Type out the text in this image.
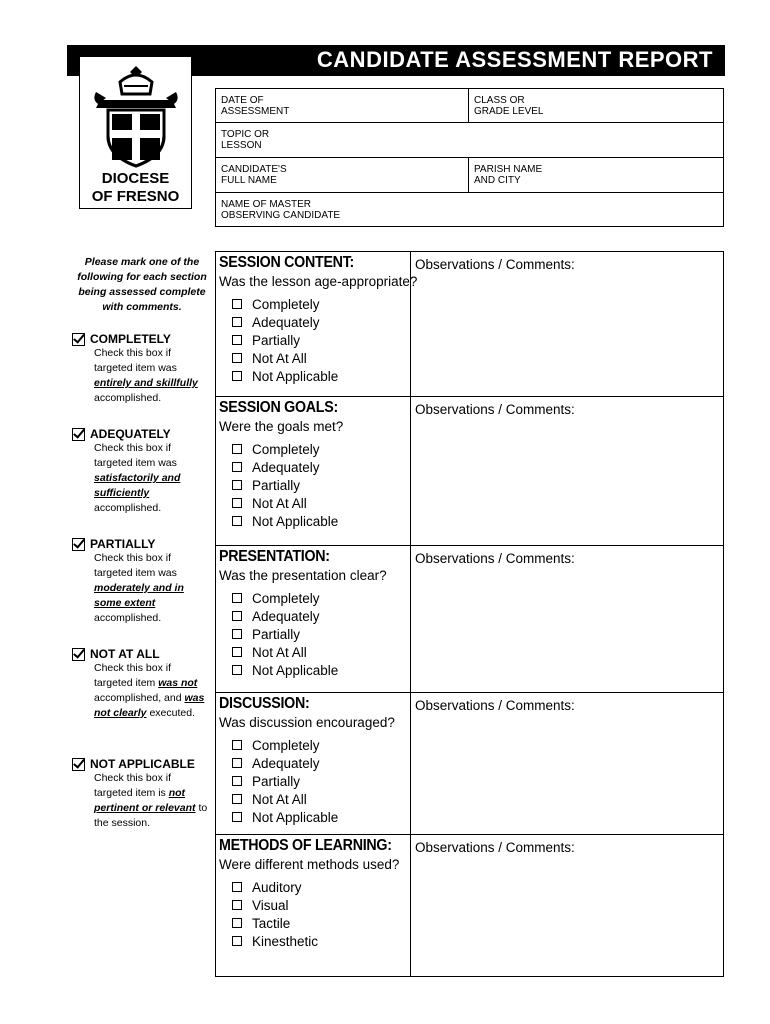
CANDIDATE ASSESSMENT REPORT
DIOCESE
OF FRESNO
DATE OF
ASSESSMENT
CLASS OR
GRADE LEVEL
TOPIC OR
LESSON
CANDIDATE'S
FULL NAME
PARISH NAME
AND CITY
NAME OF MASTER
OBSERVING CANDIDATE
Please mark one of the following for each section being assessed complete with comments.
COMPLETELY
Check this box if targeted item was entirely and skillfully accomplished.
ADEQUATELY
Check this box if targeted item was satisfactorily and sufficiently accomplished.
PARTIALLY
Check this box if targeted item was moderately and in some extent accomplished.
NOT AT ALL
Check this box if targeted item was not accomplished, and was not clearly executed.
NOT APPLICABLE
Check this box if targeted item is not pertinent or relevant to the session.
SESSION CONTENT:
Was the lesson age-appropriate?
Completely
Adequately
Partially
Not At All
Not Applicable
Observations / Comments:
SESSION GOALS:
Were the goals met?
Completely
Adequately
Partially
Not At All
Not Applicable
Observations / Comments:
PRESENTATION:
Was the presentation clear?
Completely
Adequately
Partially
Not At All
Not Applicable
Observations / Comments:
DISCUSSION:
Was discussion encouraged?
Completely
Adequately
Partially
Not At All
Not Applicable
Observations / Comments:
METHODS OF LEARNING:
Were different methods used?
Auditory
Visual
Tactile
Kinesthetic
Observations / Comments:
